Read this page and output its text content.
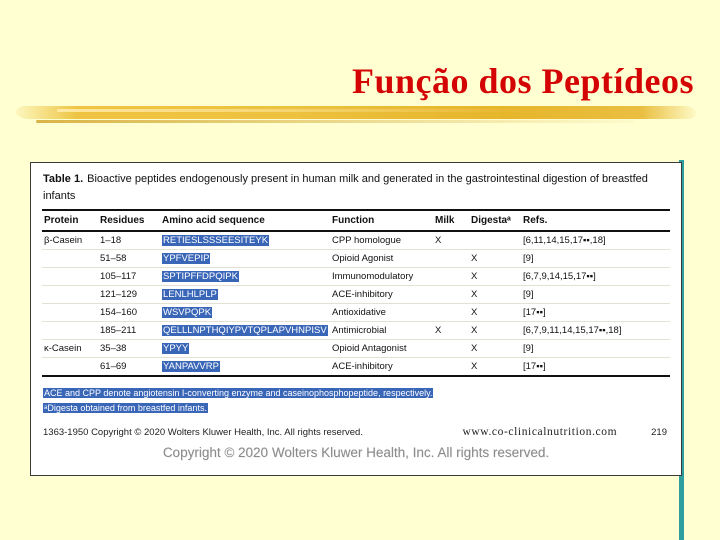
Função dos Peptídeos
Table 1. Bioactive peptides endogenously present in human milk and generated in the gastrointestinal digestion of breastfed infants
Protein	Residues	Amino acid sequence	Function	Milk	Digestaᵃ	Refs.
β-Casein	1–18	RETIESLSSSEESITEYK	CPP homologue	X		[6,11,14,15,17▪▪,18]
	51–58	YPFVEPIP	Opioid Agonist		X	[9]
	105–117	SPTIPFFDPQIPK	Immunomodulatory		X	[6,7,9,14,15,17▪▪]
	121–129	LENLHLPLP	ACE-inhibitory		X	[9]
	154–160	WSVPQPK	Antioxidative		X	[17▪▪]
	185–211	QELLLNPTHQIYPVTQPLAPVHNPISV	Antimicrobial	X	X	[6,7,9,11,14,15,17▪▪,18]
κ-Casein	35–38	YPYY	Opioid Antagonist		X	[9]
	61–69	YANPAVVRP	ACE-inhibitory		X	[17▪▪]
ACE and CPP denote angiotensin I-converting enzyme and caseinophosphopeptide, respectively.
ᵃDigesta obtained from breastfed infants.
1363-1950 Copyright © 2020 Wolters Kluwer Health, Inc. All rights reserved.	www.co-clinicalnutrition.com	219
Copyright © 2020 Wolters Kluwer Health, Inc. All rights reserved.
